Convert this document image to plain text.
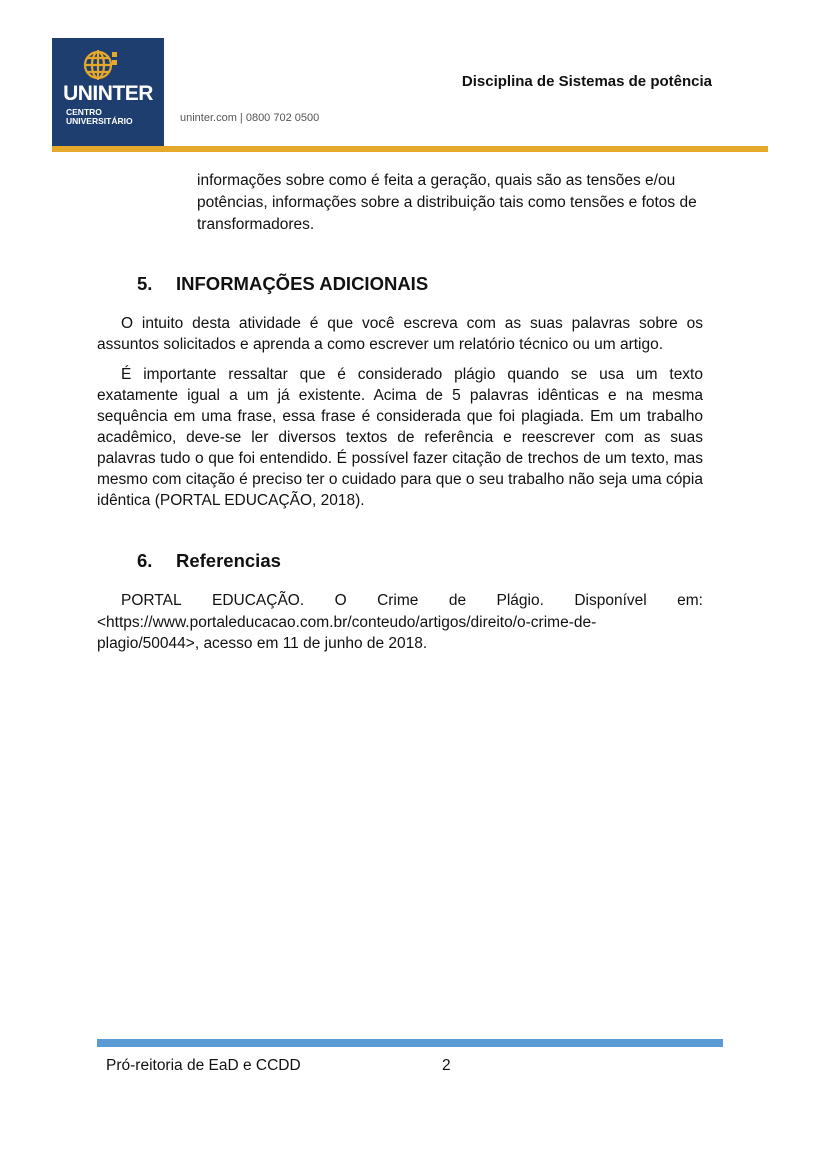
UNINTER
CENTRO
UNIVERSITÁRIO	uninter.com | 0800 702 0500
Disciplina de Sistemas de potência
informações sobre como é feita a geração, quais são as tensões e/ou potências, informações sobre a distribuição tais como tensões e fotos de transformadores.
5. INFORMAÇÕES ADICIONAIS

O intuito desta atividade é que você escreva com as suas palavras sobre os assuntos solicitados e aprenda a como escrever um relatório técnico ou um artigo.

É importante ressaltar que é considerado plágio quando se usa um texto exatamente igual a um já existente. Acima de 5 palavras idênticas e na mesma sequência em uma frase, essa frase é considerada que foi plagiada. Em um trabalho acadêmico, deve-se ler diversos textos de referência e reescrever com as suas palavras tudo o que foi entendido. É possível fazer citação de trechos de um texto, mas mesmo com citação é preciso ter o cuidado para que o seu trabalho não seja uma cópia idêntica (PORTAL EDUCAÇÃO, 2018).

6. Referencias
PORTAL EDUCAÇÃO. O Crime de Plágio. Disponível em:
<https://www.portaleducacao.com.br/conteudo/artigos/direito/o-crime-de-plagio/50044>, acesso em 11 de junho de 2018.
Pró-reitoria de EaD e CCDD	2
